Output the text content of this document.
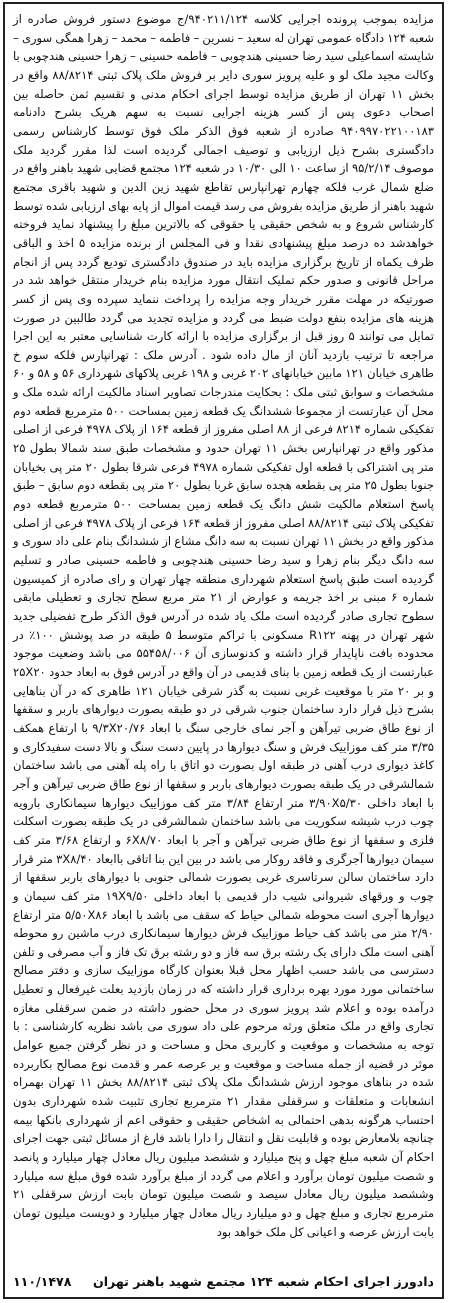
مزایده بموجب پرونده اجرایی کلاسه ۹۴۰۲۱۱/۱۲۴/ج موضوع دستور فروش صادره از شعبه ۱۲۴ دادگاه عمومی تهران له سعید – نسرین – فاطمه – محمد – زهرا همگی سوری – شایسته اسماعیلی سید رضا حسینی هندچوبی – فاطمه حسینی – زهرا حسینی هندچوبی با وکالت مجید ملک لو و علیه پرویز سوری دایر بر فروش ملک پلاک ثبتی ۸۸/۸۲۱۴ واقع در بخش ۱۱ تهران از طریق مزایده توسط اجرای احکام مدنی و تقسیم ثمن حاصله بین اصحاب دعوی پس از کسر هزینه اجرایی نسبت به سهم هریک بشرح دادنامه ۹۴۰۹۹۷۰۲۲۱۰۰۱۸۳ صادره از شعبه فوق الذکر ملک فوق توسط کارشناس رسمی دادگستری بشرح ذیل ارزیابی و توصیف اجمالی گردیده است لذا مقرر گردید ملک موصوف ۹۵/۲/۱۴ از ساعت ۱۰ الی ۱۰/۳۰ در شعبه ۱۲۴ مجتمع قضایی شهید باهنر واقع در ضلع شمال غرب فلکه چهارم تهرانپارس تقاطع شهید زین الدین و شهید باقری مجتمع شهید باهنر از طریق مزایده بفروش می رسد قیمت اموال از پایه بهای ارزیابی شده توسط کارشناس شروع و به شخص حقیقی یا حقوقی که بالاترین مبلغ را پیشنهاد نماید فروخته خواهدشد ده درصد مبلغ پیشنهادی نقدا و فی المجلس از برنده مزایده ۵ اخذ و الباقی ظرف یکماه از تاریخ برگزاری مزایده باید در صندوق دادگستری تودیع گردد پس از انجام مراحل قانونی و صدور حکم تملیک انتقال مورد مزایده بنام خریدار منتقل خواهد شد در صورتیکه در مهلت مقرر خریدار وجه مزایده را پرداخت ننماید سپرده وی پس از کسر هزینه های مزایده بنفع دولت ضبط می گردد و مزایده تجدید می گردد طالبین در صورت تمایل می توانند ۵ روز قبل از برگزاری مزایده با ارائه کارت شناسایی معتبر به این اجرا مراجعه تا ترتیب بازدید آنان از مال داده شود . آدرس ملک : تهرانپارس فلکه سوم خ طاهری خیابان ۱۲۱ مابین خیابانهای ۲۰۲ غربی و ۱۹۸ غربی پلاکهای شهرداری ۵۶ و ۵۸ و ۶۰ مشخصات و سوابق ثبتی ملک : بحکایت مندرجات تصاویر اسناد مالکیت ارائه شده ملک و محل آن عبارتست از مجموعا ششدانگ یک قطعه زمین بمساحت ۵۰۰ مترمربع قطعه دوم تفکیکی شماره ۸۲۱۴ فرعی از ۸۸ اصلی مفروز از قطعه ۱۶۴ از پلاک ۴۹۷۸ فرعی از اصلی مذکور واقع در تهرانپارس بخش ۱۱ تهران حدود و مشخصات طبق سند شمالا بطول ۲۵ متر پی اشتراکی با قطعه اول تفکیکی شماره ۴۹۷۸ فرعی شرقا بطول ۲۰ متر پی بخیابان جنوبا بطول ۲۵ متر پی بقطعه هجده سابق غربا بطول ۲۰ متر پی بقطعه دوم سابق – طبق پاسخ استعلام مالکیت شش دانگ یک قطعه زمین بمساحت ۵۰۰ مترمربع قطعه دوم تفکیکی پلاک ثبتی ۸۸/۸۲۱۴ اصلی مفروز از قطعه ۱۶۴ فرعی از پلاک ۴۹۷۸ فرعی از اصلی مذکور واقع در بخش ۱۱ تهران نسبت به سه دانگ مشاع از ششدانگ بنام علی داد سوری و سه دانگ دیگر بنام زهرا و سید رضا حسینی هندچوبی و فاطمه حسینی صادر و تسلیم گردیده است طبق پاسخ استعلام شهرداری منطقه چهار تهران و رای صادره از کمیسیون شماره ۶ مبنی بر اخذ جریمه و عوارض از ۲۱ متر مربع سطح تجاری و تعطیلی مابقی سطوح تجاری صادر گردیده است ملک یاد شده در آدرس فوق الذکر طرح تفضیلی جدید شهر تهران در پهنه R۱۲۲ مسکونی با تراکم متوسط ۵ طبقه در صد پوشش ۱۰۰٪ در محدوده بافت ناپایدار قرار داشته و کدنوسازی آن ۵۵۴۵۸/۰۰۶ می باشد وضعیت موجود عبارتست از یک قطعه زمین با بنای قدیمی در آن واقع در آدرس فوق به ابعاد حدود ۲۵X۲۰ و بر ۲۰ متر با موقعیت غربی نسبت به گذر شرقی خیابان ۱۲۱ طاهری که در آن بناهایی بشرح ذیل قرار دارد ساختمان جنوب شرقی در دو طبقه بصورت دیوارهای باربر و سقفها از نوع طاق ضربی تیرآهن و آجر نمای خارجی سنگ با ابعاد ۹/۳X۲۰/۷۶ با ارتفاع همکف ۳/۳۵ متر کف موزاییک فرش و سنگ دیوارها در پایین دست سنگ و بالا دست سفیدکاری و کاغذ دیواری درب آهنی در طبقه اول بصورت دو اتاق با راه پله آهنی می باشد ساختمان شمالشرقی در یک طبقه بصورت دیوارهای باربر و سقفها از نوع طاق ضربی تیرآهن و آجر با ابعاد داخلی ۳/۹۰X۵/۳۰ متر ارتفاع ۳/۸۴ متر کف موزاییک دیوارها سیمانکاری بارویه چوب درب شیشه سکوریت می باشد ساختمان شمالشرقی در یک طبقه بصورت اسکلت فلزی و سقفها از نوع طاق ضربی تیرآهن و آجر با ابعاد ۶X۸/۷۰ و ارتفاع ۳/۶۸ متر کف سیمان دیوارها آجرگری و فاقد روکار می باشد در بین این بنا اتاقی باابعاد ۳X۸/۴۰ متر قرار دارد ساختمان سالن سرتاسری غربی بصورت شمالی جنوبی با دیوارهای باربر سقفها از چوب و ورقهای شیروانی شیب دار قدیمی با ابعاد داخلی ۱۹X۹/۵۰ متر کف سیمان و دیوارها آجری است محوطه شمالی حیاط که سقف می باشد با ابعاد ۵/۵۰X۸۶ متر ارتفاع ۲/۹۰ متر می باشد کف حیاط موزاییک فرش دیوارها سیمانکاری درب ماشین رو محوطه آهنی است ملک دارای یک رشته برق سه فاز و دو رشته برق تک فاز و آب مصرفی و تلفن دسترسی می باشد حسب اظهار محل قبلا بعنوان کارگاه موزاییک سازی و دفتر مصالح ساختمانی مورد مورد بهره برداری قرار داشته که در زمان بازدید بعلت غیرفعال و تعطیل درآمده بوده و اعلام شد پرویز سوری در محل حضور داشته در ضمن سرقفلی مغازه تجاری واقع در ملک متعلق ورثه مرحوم علی داد سوری می باشد نظریه کارشناسی : با توجه به مشخصات و موقعیت و کاربری محل و مساحت و در نظر گرفتن جمیع عوامل موثر در قضیه از جمله مساحت و موقعیت و بر عرصه عمر و قدمت نوع مصالح بکاربرده شده در بناهای موجود ارزش ششدانگ ملک پلاک ثبتی ۸۸/۸۲۱۴ بخش ۱۱ تهران بهمراه انشعابات و متعلقات و سرقفلی مقدار ۲۱ مترمربع تجاری تثبیت شده شهرداری بدون احتساب هرگونه بدهی احتمالی به اشخاص حقیقی و حقوقی اعم از شهرداری بانکها بیمه چنانچه بلامعارض بوده و قابلیت نقل و انتقال را دارا باشد فارغ از مسائل ثبتی جهت اجرای احکام آن شعبه مبلغ چهل و پنج میلیارد و ششصد میلیون ریال معادل چهار میلیارد و پانصد و شصت میلیون تومان برآورد و اعلام می گردد از مبلغ برآورد شده فوق مبلغ سه میلیارد وششصد میلیون ریال معادل سیصد و شصت میلیون تومان بابت ارزش سرقفلی ۲۱ مترمربع تجاری و مبلغ چهل و دو میلیارد ریال معادل چهار میلیارد و دویست میلیون تومان بابت ارزش عرصه و اعیانی کل ملک خواهد بود

دادورز اجرای احکام شعبه ۱۲۴ مجتمع شهید باهنر تهران
۱۱۰/۱۴۷۸
